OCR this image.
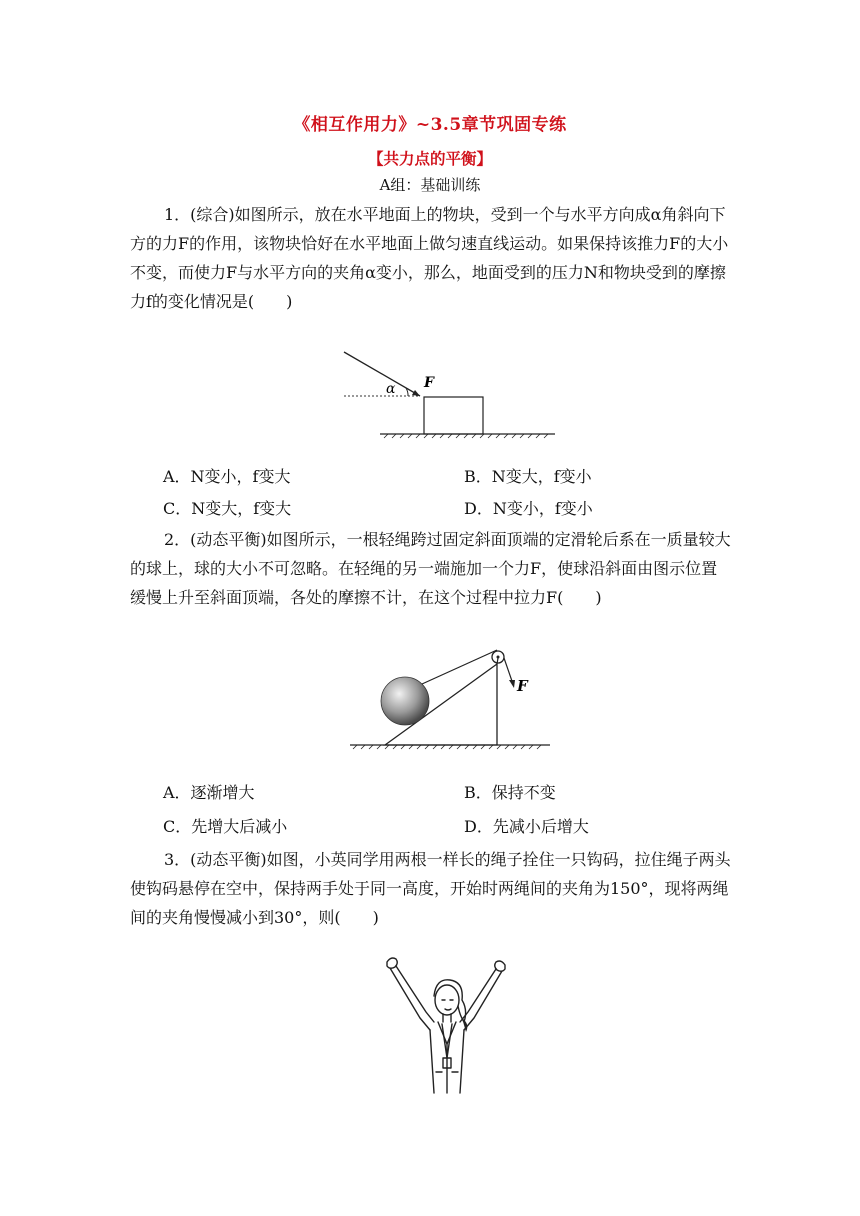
《相互作用力》~3.5章节巩固专练
【共力点的平衡】
A组：基础训练

1．(综合)如图所示，放在水平地面上的物块，受到一个与水平方向成α角斜向下方的力F的作用，该物块恰好在水平地面上做匀速直线运动。如果保持该推力F的大小不变，而使力F与水平方向的夹角α变小，那么，地面受到的压力N和物块受到的摩擦力f的变化情况是(　　)

α F
A．N变小，f变大	B．N变大，f变小
C．N变大，f变大	D．N变小，f变小

2．(动态平衡)如图所示，一根轻绳跨过固定斜面顶端的定滑轮后系在一质量较大的球上，球的大小不可忽略。在轻绳的另一端施加一个力F，使球沿斜面由图示位置缓慢上升至斜面顶端，各处的摩擦不计，在这个过程中拉力F(　　)

F
A．逐渐增大	B．保持不变
C．先增大后减小	D．先减小后增大

3．(动态平衡)如图，小英同学用两根一样长的绳子拴住一只钩码，拉住绳子两头使钩码悬停在空中，保持两手处于同一高度，开始时两绳间的夹角为150°，现将两绳间的夹角慢慢减小到30°，则(　　)
